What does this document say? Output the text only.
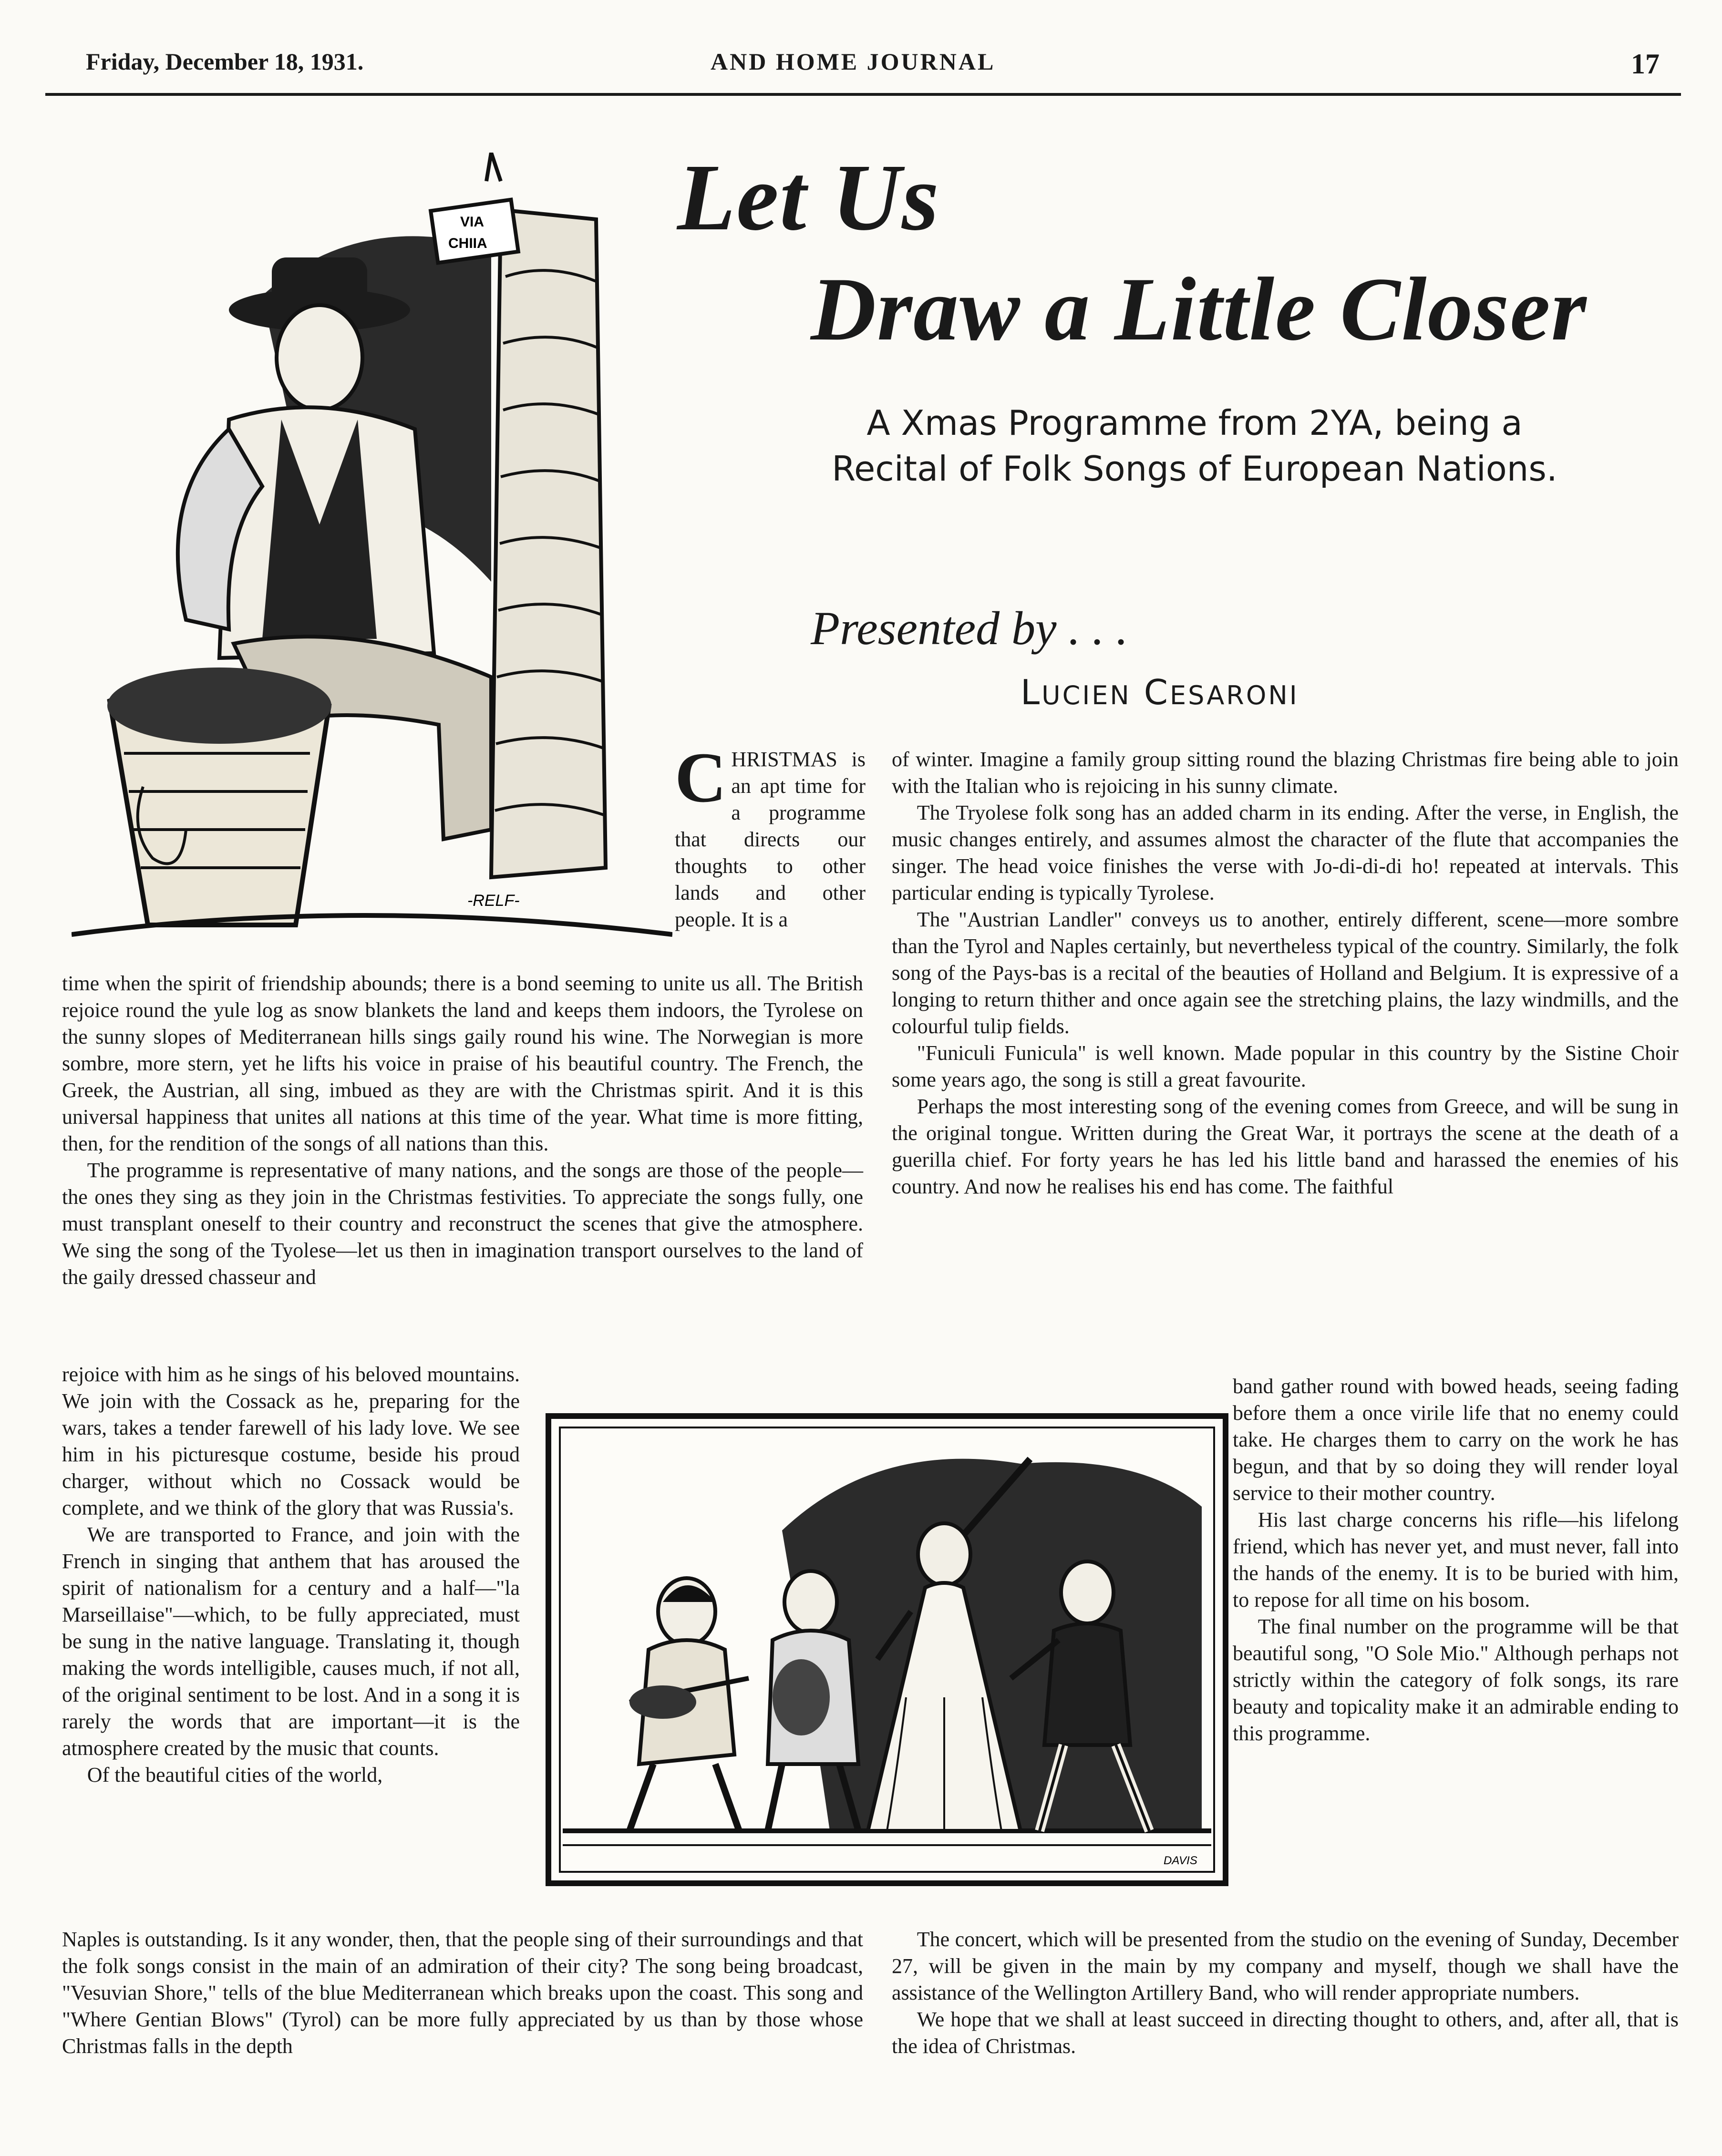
Friday, December 18, 1931.	AND HOME JOURNAL	17
VIA
CHIIA
-RELF-
Let Us
Draw a Little Closer
A Xmas Programme from 2YA, being a Recital of Folk Songs of European Nations.
Presented by . . .
LUCIEN CESARONI

CHRISTMAS is an apt time for a programme that directs our thoughts to other lands and other people. It is a

time when the spirit of friendship abounds; there is a bond seeming to unite us all. The British rejoice round the yule log as snow blankets the land and keeps them indoors, the Tyrolese on the sunny slopes of Mediterranean hills sings gaily round his wine. The Norwegian is more sombre, more stern, yet he lifts his voice in praise of his beautiful country. The French, the Greek, the Austrian, all sing, imbued as they are with the Christmas spirit. And it is this universal happiness that unites all nations at this time of the year. What time is more fitting, then, for the rendition of the songs of all nations than this.

The programme is representative of many nations, and the songs are those of the people—the ones they sing as they join in the Christmas festivities. To appreciate the songs fully, one must transplant oneself to their country and reconstruct the scenes that give the atmosphere. We sing the song of the Tyolese—let us then in imagination transport ourselves to the land of the gaily dressed chasseur and

rejoice with him as he sings of his beloved mountains. We join with the Cossack as he, preparing for the wars, takes a tender farewell of his lady love. We see him in his picturesque costume, beside his proud charger, without which no Cossack would be complete, and we think of the glory that was Russia's.

We are transported to France, and join with the French in singing that anthem that has aroused the spirit of nationalism for a century and a half—"la Marseillaise"—which, to be fully appreciated, must be sung in the native language. Translating it, though making the words intelligible, causes much, if not all, of the original sentiment to be lost. And in a song it is rarely the words that are important—it is the atmosphere created by the music that counts.

Of the beautiful cities of the world,

Naples is outstanding. Is it any wonder, then, that the people sing of their surroundings and that the folk songs consist in the main of an admiration of their city? The song being broadcast, "Vesuvian Shore," tells of the blue Mediterranean which breaks upon the coast. This song and "Where Gentian Blows" (Tyrol) can be more fully appreciated by us than by those whose Christmas falls in the depth

of winter. Imagine a family group sitting round the blazing Christmas fire being able to join with the Italian who is rejoicing in his sunny climate.

The Tryolese folk song has an added charm in its ending. After the verse, in English, the music changes entirely, and assumes almost the character of the flute that accompanies the singer. The head voice finishes the verse with Jo-di-di-di ho! repeated at intervals. This particular ending is typically Tyrolese.

The "Austrian Landler" conveys us to another, entirely different, scene—more sombre than the Tyrol and Naples certainly, but nevertheless typical of the country. Similarly, the folk song of the Pays-bas is a recital of the beauties of Holland and Belgium. It is expressive of a longing to return thither and once again see the stretching plains, the lazy windmills, and the colourful tulip fields.

"Funiculi Funicula" is well known. Made popular in this country by the Sistine Choir some years ago, the song is still a great favourite.

Perhaps the most interesting song of the evening comes from Greece, and will be sung in the original tongue. Written during the Great War, it portrays the scene at the death of a guerilla chief. For forty years he has led his little band and harassed the enemies of his country. And now he realises his end has come. The faithful

band gather round with bowed heads, seeing fading before them a once virile life that no enemy could take. He charges them to carry on the work he has begun, and that by so doing they will render loyal service to their mother country.

His last charge concerns his rifle—his lifelong friend, which has never yet, and must never, fall into the hands of the enemy. It is to be buried with him, to repose for all time on his bosom.

The final number on the programme will be that beautiful song, "O Sole Mio." Although perhaps not strictly within the category of folk songs, its rare beauty and topicality make it an admirable ending to this programme.

The concert, which will be presented from the studio on the evening of Sunday, December 27, will be given in the main by my company and myself, though we shall have the assistance of the Wellington Artillery Band, who will render appropriate numbers.

We hope that we shall at least succeed in directing thought to others, and, after all, that is the idea of Christmas.

DAVIS
